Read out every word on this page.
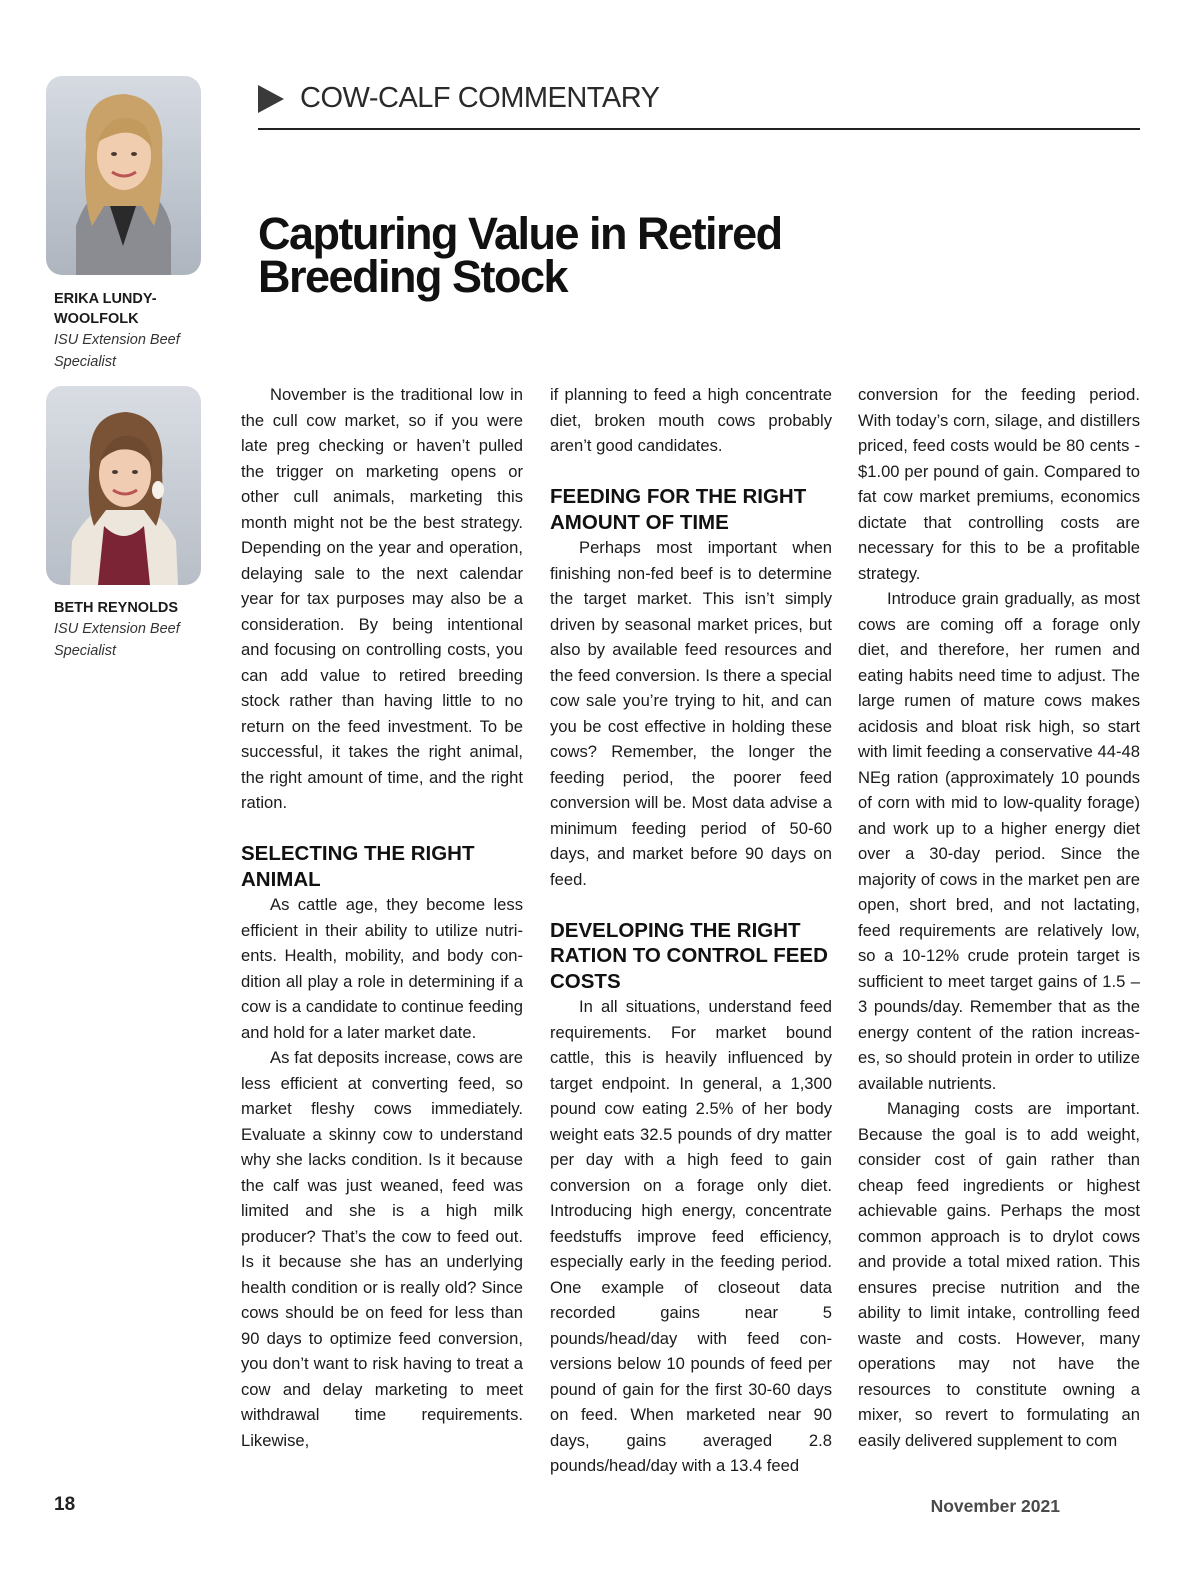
ERIKA LUNDY-
WOOLFOLK
ISU Extension Beef
Specialist
BETH REYNOLDS
ISU Extension Beef
Specialist
COW-CALF COMMENTARY
Capturing Value in Retired
Breeding Stock

November is the traditional low in the cull cow market, so if you were late preg checking or haven’t pulled the trigger on marketing opens or other cull animals, marketing this month might not be the best strategy. Depending on the year and operation, delaying sale to the next calendar year for tax purposes may also be a consideration. By being intentional and focusing on controlling costs, you can add value to retired breeding stock rather than having little to no return on the feed investment. To be successful, it takes the right animal, the right amount of time, and the right ration.

SELECTING THE RIGHT ANIMAL

As cattle age, they become less efficient in their ability to utilize nutrients. Health, mobility, and body condition all play a role in determining if a cow is a candidate to continue feeding and hold for a later market date.

As fat deposits increase, cows are less efficient at converting feed, so market fleshy cows immediately. Evaluate a skinny cow to understand why she lacks condition. Is it because the calf was just weaned, feed was limited and she is a high milk producer? That’s the cow to feed out. Is it because she has an underlying health condition or is really old? Since cows should be on feed for less than 90 days to optimize feed conversion, you don’t want to risk having to treat a cow and delay marketing to meet withdrawal time requirements. Likewise,

if planning to feed a high concentrate diet, broken mouth cows probably aren’t good candidates.

FEEDING FOR THE RIGHT AMOUNT OF TIME

Perhaps most important when finishing non-fed beef is to determine the target market. This isn’t simply driven by seasonal market prices, but also by available feed resources and the feed conversion. Is there a special cow sale you’re trying to hit, and can you be cost effective in holding these cows? Remember, the longer the feeding period, the poorer feed conversion will be. Most data advise a minimum feeding period of 50-60 days, and market before 90 days on feed.

DEVELOPING THE RIGHT RATION TO CONTROL FEED COSTS

In all situations, understand feed requirements. For market bound cattle, this is heavily influenced by target endpoint. In general, a 1,300 pound cow eating 2.5% of her body weight eats 32.5 pounds of dry matter per day with a high feed to gain conversion on a forage only diet. Introducing high energy, concentrate feedstuffs improve feed efficiency, especially early in the feeding period. One example of closeout data recorded gains near 5 pounds/head/day with feed conversions below 10 pounds of feed per pound of gain for the first 30-60 days on feed. When marketed near 90 days, gains averaged 2.8 pounds/head/day with a 13.4 feed

conversion for the feeding period. With today’s corn, silage, and distillers priced, feed costs would be 80 cents - $1.00 per pound of gain. Compared to fat cow market premiums, economics dictate that controlling costs are necessary for this to be a profitable strategy.

Introduce grain gradually, as most cows are coming off a forage only diet, and therefore, her rumen and eating habits need time to adjust. The large rumen of mature cows makes acidosis and bloat risk high, so start with limit feeding a conservative 44-48 NEg ration (approximately 10 pounds of corn with mid to low-quality forage) and work up to a higher energy diet over a 30-day period. Since the majority of cows in the market pen are open, short bred, and not lactating, feed requirements are relatively low, so a 10-12% crude protein target is sufficient to meet target gains of 1.5 – 3 pounds/day. Remember that as the energy content of the ration increases, so should protein in order to utilize available nutrients.

Managing costs are important. Because the goal is to add weight, consider cost of gain rather than cheap feed ingredients or highest achievable gains. Perhaps the most common approach is to drylot cows and provide a total mixed ration. This ensures precise nutrition and the ability to limit intake, controlling feed waste and costs. However, many operations may not have the resources to constitute owning a mixer, so revert to formulating an easily delivered supplement to com

18	November 2021
